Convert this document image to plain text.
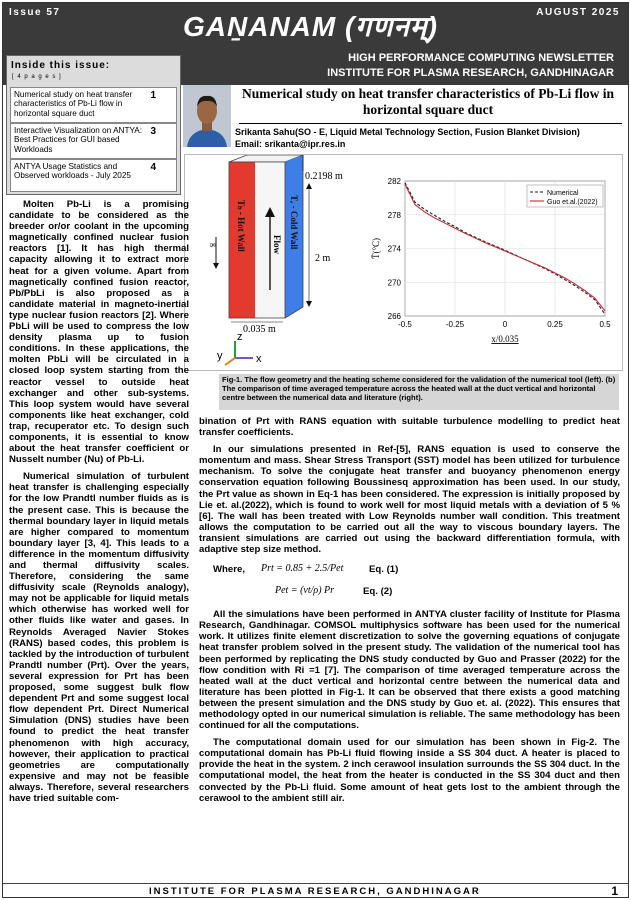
Issue 57	GAṈANAM (गणनम्)	AUGUST 2025
HIGH PERFORMANCE COMPUTING NEWSLETTER
INSTITUTE FOR PLASMA RESEARCH, GANDHINAGAR
Inside this issue:
[ 4 p a g e s ]
Numerical study on heat transfer characteristics of Pb-Li flow in horizontal square duct
1
Interactive Visualization on ANTYA: Best Practices for GUI based Workloads
3
ANTYA Usage Statistics and Observed workloads - July 2025
4
Numerical study on heat transfer characteristics of Pb-Li flow in horizontal square duct
Srikanta Sahu(SO - E, Liquid Metal Technology Section, Fusion Blanket Division)
Email: srikanta@ipr.res.in
Flow
Tₕ - Hot Wall	Tₑ - Cold Wall
g
0.2198 m
2 m
0.035 m
z
x
y
-0.5	-0.25	0	0.25	0.5
266
270
274
278
282
Numerical
Guo et.al.(2022)
x/0.035
T̄(°C)
Fig-1. The flow geometry and the heating scheme considered for the validation of the numerical tool (left). (b) The comparison of time averaged temperature across the heated wall at the duct vertical and horizontal centre between the numerical data and literature (right).

Molten Pb-Li is a promising candidate to be considered as the breeder or/or coolant in the upcoming magnetically confined nuclear fusion reactors [1]. It has high thermal capacity allowing it to extract more heat for a given volume. Apart from magnetically confined fusion reactor, Pb/PbLi is also proposed as a candidate material in magneto-inertial type nuclear fusion reactors [2]. Where PbLi will be used to compress the low density plasma up to fusion conditions. In these applications, the molten PbLi will be circulated in a closed loop system starting from the reactor vessel to outside heat exchanger and other sub-systems. This loop system would have several components like heat exchanger, cold trap, recuperator etc. To design such components, it is essential to know about the heat transfer coefficient or Nusselt number (Nu) of Pb-Li.

Numerical simulation of turbulent heat transfer is challenging especially for the low Prandtl number fluids as is the present case. This is because the thermal boundary layer in liquid metals are higher compared to momentum boundary layer [3, 4]. This leads to a difference in the momentum diffusivity and thermal diffusivity scales. Therefore, considering the same diffusivity scale (Reynolds analogy), may not be applicable for liquid metals which otherwise has worked well for other fluids like water and gases. In Reynolds Averaged Navier Stokes (RANS) based codes, this problem is tackled by the introduction of turbulent Prandtl number (Prt). Over the years, several expression for Prt has been proposed, some suggest bulk flow dependent Prt and some suggest local flow dependent Prt. Direct Numerical Simulation (DNS) studies have been found to predict the heat transfer phenomenon with high accuracy, however, their application to practical geometries are computationally expensive and may not be feasible always. Therefore, several researchers have tried suitable com-

bination of Prt with RANS equation with suitable turbulence modelling to predict heat transfer coefficients.

In our simulations presented in Ref-[5], RANS equation is used to conserve the momentum and mass. Shear Stress Transport (SST) model has been utilized for turbulence mechanism. To solve the conjugate heat transfer and buoyancy phenomenon energy conservation equation following Boussinesq approximation has been used. In our study, the Prt value as shown in Eq-1 has been considered. The expression is initially proposed by Lie et. al.(2022), which is found to work well for most liquid metals with a deviation of 5 % [6]. The wall has been treated with Low Reynolds number wall condition. This treatment allows the computation to be carried out all the way to viscous boundary layers. The transient simulations are carried out using the backward differentiation formula, with adaptive step size method.

Where, Prt = 0.85 + 2.5/Pet	Eq. (1)
Pet = (νt/ρ) Pr	Eq. (2)

All the simulations have been performed in ANTYA cluster facility of Institute for Plasma Research, Gandhinagar. COMSOL multiphysics software has been used for the numerical work. It utilizes finite element discretization to solve the governing equations of conjugate heat transfer problem solved in the present study. The validation of the numerical tool has been performed by replicating the DNS study conducted by Guo and Prasser (2022) for the flow condition with Ri =1 [7]. The comparison of time averaged temperature across the heated wall at the duct vertical and horizontal centre between the numerical data and literature has been plotted in Fig-1. It can be observed that there exists a good matching between the present simulation and the DNS study by Guo et. al. (2022). This ensures that methodology opted in our numerical simulation is reliable. The same methodology has been continued for all the computations.

The computational domain used for our simulation has been shown in Fig-2. The computational domain has Pb-Li fluid flowing inside a SS 304 duct. A heater is placed to provide the heat in the system. 2 inch cerawool insulation surrounds the SS 304 duct. In the computational model, the heat from the heater is conducted in the SS 304 duct and then convected by the Pb-Li fluid. Some amount of heat gets lost to the ambient through the cerawool to the ambient still air.

INSTITUTE FOR PLASMA RESEARCH, GANDHINAGAR	1
